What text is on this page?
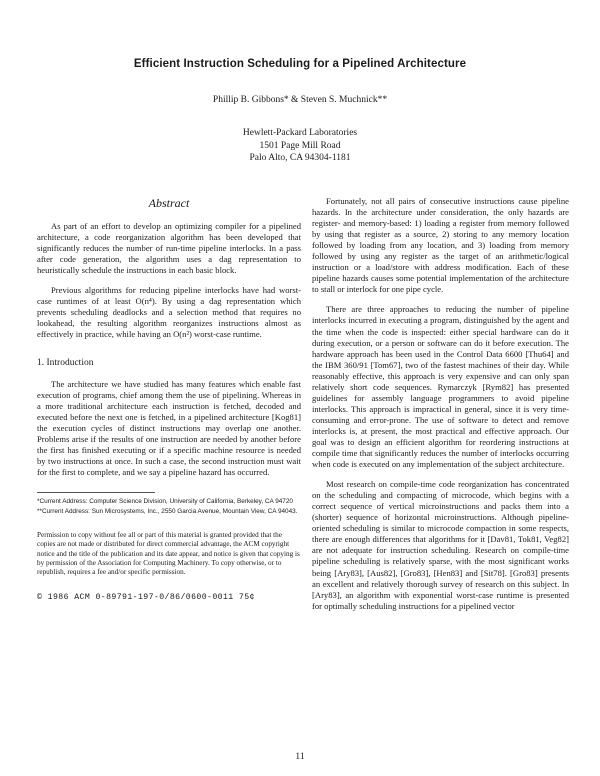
Efficient Instruction Scheduling for a Pipelined Architecture
Phillip B. Gibbons* & Steven S. Muchnick**
Hewlett-Packard Laboratories
1501 Page Mill Road
Palo Alto, CA 94304-1181

Abstract

As part of an effort to develop an optimizing compiler for a pipelined architecture, a code reorganization algorithm has been developed that significantly reduces the number of run-time pipeline interlocks. In a pass after code generation, the algorithm uses a dag representation to heuristically schedule the instructions in each basic block.

Previous algorithms for reducing pipeline interlocks have had worst-case runtimes of at least O(n⁴). By using a dag representation which prevents scheduling deadlocks and a selection method that requires no lookahead, the resulting algorithm reorganizes instructions almost as effectively in practice, while having an O(n²) worst-case runtime.

1. Introduction

The architecture we have studied has many features which enable fast execution of programs, chief among them the use of pipelining. Whereas in a more traditional architecture each instruction is fetched, decoded and executed before the next one is fetched, in a pipelined architecture [Kog81] the execution cycles of distinct instructions may overlap one another. Problems arise if the results of one instruction are needed by another before the first has finished executing or if a specific machine resource is needed by two instructions at once. In such a case, the second instruction must wait for the first to complete, and we say a pipeline hazard has occurred.

*Current Address: Computer Science Division, University of California, Berkeley, CA 94720

**Current Address: Sun Microsystems, Inc., 2550 Garcia Avenue, Mountain View, CA 94043.

Permission to copy without fee all or part of this material is granted provided that the copies are not made or distributed for direct commercial advantage, the ACM copyright notice and the title of the publication and its date appear, and notice is given that copying is by permission of the Association for Computing Machinery. To copy otherwise, or to republish, requires a fee and/or specific permission.

© 1986 ACM 0-89791-197-0/86/0600-0011 75¢

Fortunately, not all pairs of consecutive instructions cause pipeline hazards. In the architecture under consideration, the only hazards are register- and memory-based: 1) loading a register from memory followed by using that register as a source, 2) storing to any memory location followed by loading from any location, and 3) loading from memory followed by using any register as the target of an arithmetic/logical instruction or a load/store with address modification. Each of these pipeline hazards causes some potential implementation of the architecture to stall or interlock for one pipe cycle.

There are three approaches to reducing the number of pipeline interlocks incurred in executing a program, distinguished by the agent and the time when the code is inspected: either special hardware can do it during execution, or a person or software can do it before execution. The hardware approach has been used in the Control Data 6600 [Thu64] and the IBM 360/91 [Tom67], two of the fastest machines of their day. While reasonably effective, this approach is very expensive and can only span relatively short code sequences. Rymarczyk [Rym82] has presented guidelines for assembly language programmers to avoid pipeline interlocks. This approach is impractical in general, since it is very time-consuming and error-prone. The use of software to detect and remove interlocks is, at present, the most practical and effective approach. Our goal was to design an efficient algorithm for reordering instructions at compile time that significantly reduces the number of interlocks occurring when code is executed on any implementation of the subject architecture.

Most research on compile-time code reorganization has concentrated on the scheduling and compacting of microcode, which begins with a correct sequence of vertical microinstructions and packs them into a (shorter) sequence of horizontal microinstructions. Although pipeline-oriented scheduling is similar to microcode compaction in some respects, there are enough differences that algorithms for it [Dav81, Tok81, Veg82] are not adequate for instruction scheduling. Research on compile-time pipeline scheduling is relatively sparse, with the most significant works being [Ary83], [Aus82], [Gro83], [Hen83] and [Sit78]. [Gro83] presents an excellent and relatively thorough survey of research on this subject. In [Ary83], an algorithm with exponential worst-case runtime is presented for optimally scheduling instructions for a pipelined vector

11
